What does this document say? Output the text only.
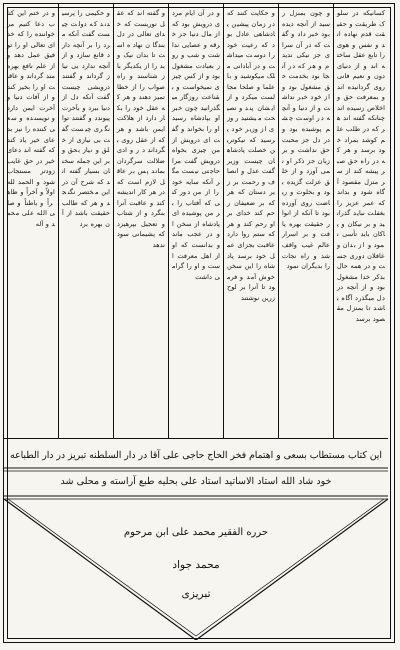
کسانیکه در سلوک طریقت و حقیقت قدم نهاده اند و نفس و هوی را تابع عقل ساخته اند و از دنیای دون و نعیم فانی روی گردانیده اند و بمعرفت حق و اخلاص رسیده اند چنانکه گفته اند هر که در طلب علم کوشد بمراد خود برسد و هر که در راه حق صبر پیشه کند از سر منزل مقصود آگاه شود و بداند که عمر عزیز را بغفلت نباید گذرانید و بر نیکان و پاکان باید تأسی نمود و از بدان و غافلان دوری جست و در همه حال بذکر خدا مشغول بود و از آنچه در دل میگذرد آگاه باشد تا بمنزل مقصود برسد
و چون بمنزل رسید از آنچه دیده بود خبر داد و گفت که در آن سرای جز نیکی ندیدم و هر که در آنجا بود بخدمت حق مشغول بود و از خود خبر نداشت و از دنیا و آنچه در اوست چشم پوشیده بود و در دل جز محبت حق نداشت و بر زبان جز ذکر او نمی آورد و از خلق عزلت گزیده بود و بخلوت و ریاضت روی آورده بود تا آنکه از انوار حقیقت بهره یافت و بر اسرار عالم غیب واقف شد و راه نجات را بدیگران نمود
و حکایت کنند که در زمان پیشین پادشاهی عادل بود که رعیت خود را دوست میداشت و در آبادانی ملک میکوشید و با علما و صلحا مجالست میکرد و از ایشان پند و نصیحت میشنید روزی از وزیر خود پرسید که نیکوترین خصلت پادشاهان چیست وزیر گفت عدل و انصاف و رحمت بر زیر دستان که هر که بر ضعیفان رحم کند خدای بر او رحم کند و هر که ستم روا دارد عاقبت بجزای عمل خود برسد پادشاه را این سخن خوش آمد و فرمود تا آنرا بر لوح زرین نوشتند
و در آن ایام مردی درویش بود که از مال دنیا جز خرقه و عصایی نداشت و شب و روز بعبادت مشغول بود و از کس چیزی نمیخواست و بقناعت روزگار میگذرانید چون خبر او بپادشاه رسید او را بخواند و گفت ای درویش از من چیزی بخواه درویش گفت مرا حاجتی نیست مگر آنکه سایه خود را از من دور کنی که آفتاب را بر من پوشیده ای پادشاه از سخن او در عجب ماند و بدانست که او از اهل معرفت است و او را گرامی داشت
و گفته اند که عقل نوریست که خدای تعالی در دل بندگان نهاده است تا بدان نیک و بد را از یکدیگر باز شناسند و راه صواب را از خطا تمیز دهند و هر که عقل خود را بکار دارد از هلاکت ایمن باشد و هر که از عقل روی بگرداند در وادی ضلالت سرگردان بماند پس بر عاقل لازم است که در هر کار اندیشه کند و عاقبت آنرا بنگرد و از شتاب و تعجیل بپرهیزد که پشیمانی سود ندهد
و حکیمی را پرسیدند که دولت چیست گفت آنکه مرد را بر آنچه دارد قانع سازد و از آنچه ندارد بی نیاز گرداند و گفتند درویشی چیست گفت آنکه دل از دنیا ببرد و بآخرت پیوندد و گفتند توانگری چیست گفت بی نیازی از خلق و نیاز بحق و بر این جمله سخنان بسیار گفته اند که شرح آن در این مختصر نگنجد و هر که طالب حقیقت باشد از آن بهره برد
و در ختم این کتاب دعا کنیم مر خواننده را که خدای تعالی او را توفیق عمل دهد و از علم نافع بهره مند گرداند و عاقبت او را بخیر کند و از آفات دنیا و آخرت ایمن دارد و نویسنده و سعی کننده را نیز بدعای خیر یاد کند که گفته اند دعای خیر در حق غایب زودتر مستجاب شود و الحمد لله اولاً و آخراً و ظاهراً و باطناً و صلی الله علی محمد و آله
این کتاب مستطاب بسعی و اهتمام فخر الحاج حاجی علی آقا در دار السلطنه تبریز در دار الطباعه
خود شاد الله استاد الاساتید استاد علی بحلیه طبع آراسته و محلی شد
حرره الفقیر محمد علی ابن مرحوم
محمد جواد
تبریزی
